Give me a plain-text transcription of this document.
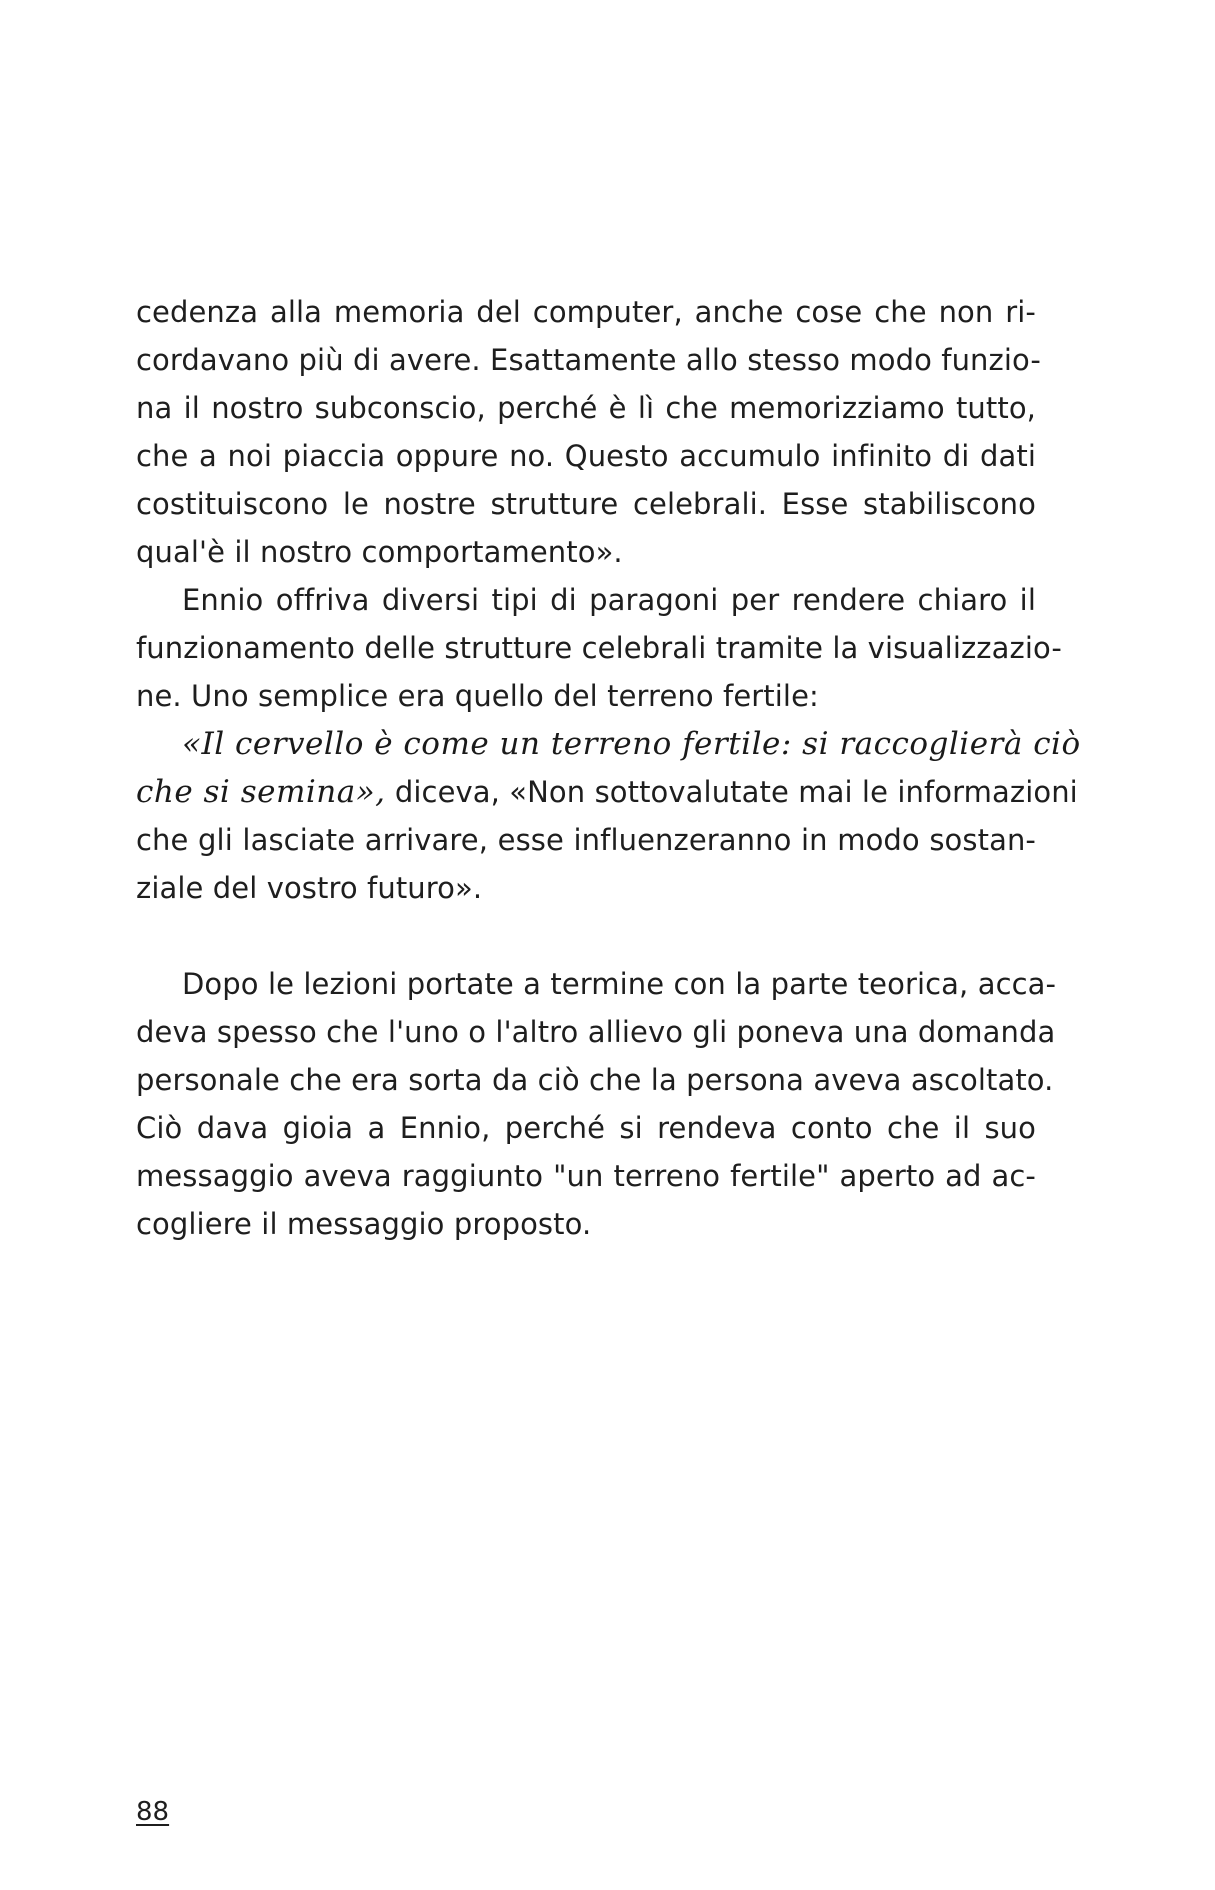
cedenza alla memoria del computer, anche cose che non ri-
cordavano più di avere. Esattamente allo stesso modo funzio-
na il nostro subconscio, perché è lì che memorizziamo tutto,
che a noi piaccia oppure no. Questo accumulo infinito di dati
costituiscono le nostre strutture celebrali. Esse stabiliscono
qual'è il nostro comportamento».
Ennio offriva diversi tipi di paragoni per rendere chiaro il
funzionamento delle strutture celebrali tramite la visualizzazio-
ne. Uno semplice era quello del terreno fertile:
«Il cervello è come un terreno fertile: si raccoglierà ciò
che si semina», diceva, «Non sottovalutate mai le informazioni
che gli lasciate arrivare, esse influenzeranno in modo sostan-
ziale del vostro futuro».
Dopo le lezioni portate a termine con la parte teorica, acca-
deva spesso che l'uno o l'altro allievo gli poneva una domanda
personale che era sorta da ciò che la persona aveva ascoltato.
Ciò dava gioia a Ennio, perché si rendeva conto che il suo
messaggio aveva raggiunto "un terreno fertile" aperto ad ac-
cogliere il messaggio proposto.
88
